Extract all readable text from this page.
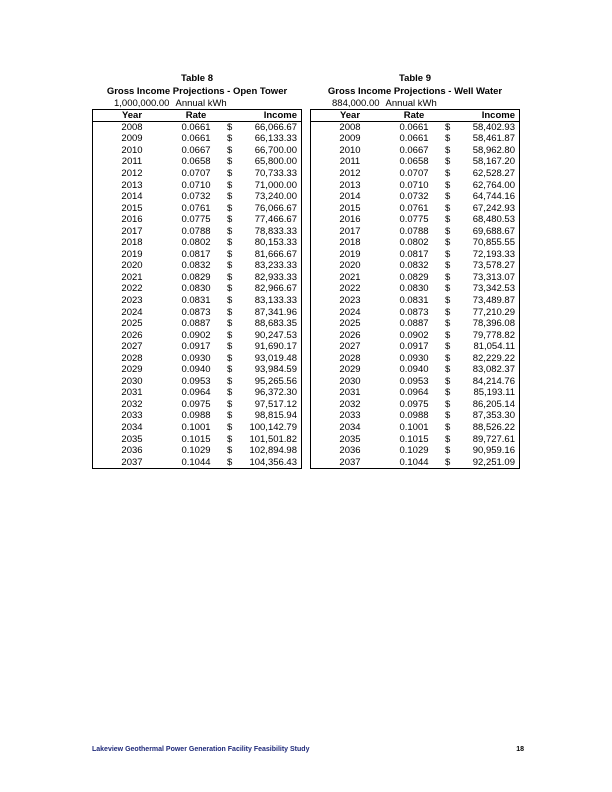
Table 8
Gross Income Projections - Open Tower
1,000,000.00 Annual kWh
Year	Rate		Income
2008	0.0661	$	66,066.67
2009	0.0661	$	66,133.33
2010	0.0667	$	66,700.00
2011	0.0658	$	65,800.00
2012	0.0707	$	70,733.33
2013	0.0710	$	71,000.00
2014	0.0732	$	73,240.00
2015	0.0761	$	76,066.67
2016	0.0775	$	77,466.67
2017	0.0788	$	78,833.33
2018	0.0802	$	80,153.33
2019	0.0817	$	81,666.67
2020	0.0832	$	83,233.33
2021	0.0829	$	82,933.33
2022	0.0830	$	82,966.67
2023	0.0831	$	83,133.33
2024	0.0873	$	87,341.96
2025	0.0887	$	88,683.35
2026	0.0902	$	90,247.53
2027	0.0917	$	91,690.17
2028	0.0930	$	93,019.48
2029	0.0940	$	93,984.59
2030	0.0953	$	95,265.56
2031	0.0964	$	96,372.30
2032	0.0975	$	97,517.12
2033	0.0988	$	98,815.94
2034	0.1001	$	100,142.79
2035	0.1015	$	101,501.82
2036	0.1029	$	102,894.98
2037	0.1044	$	104,356.43
Table 9
Gross Income Projections - Well Water
884,000.00 Annual kWh
Year	Rate		Income
2008	0.0661	$	58,402.93
2009	0.0661	$	58,461.87
2010	0.0667	$	58,962.80
2011	0.0658	$	58,167.20
2012	0.0707	$	62,528.27
2013	0.0710	$	62,764.00
2014	0.0732	$	64,744.16
2015	0.0761	$	67,242.93
2016	0.0775	$	68,480.53
2017	0.0788	$	69,688.67
2018	0.0802	$	70,855.55
2019	0.0817	$	72,193.33
2020	0.0832	$	73,578.27
2021	0.0829	$	73,313.07
2022	0.0830	$	73,342.53
2023	0.0831	$	73,489.87
2024	0.0873	$	77,210.29
2025	0.0887	$	78,396.08
2026	0.0902	$	79,778.82
2027	0.0917	$	81,054.11
2028	0.0930	$	82,229.22
2029	0.0940	$	83,082.37
2030	0.0953	$	84,214.76
2031	0.0964	$	85,193.11
2032	0.0975	$	86,205.14
2033	0.0988	$	87,353.30
2034	0.1001	$	88,526.22
2035	0.1015	$	89,727.61
2036	0.1029	$	90,959.16
2037	0.1044	$	92,251.09
Lakeview Geothermal Power Generation Facility Feasibility Study	18
